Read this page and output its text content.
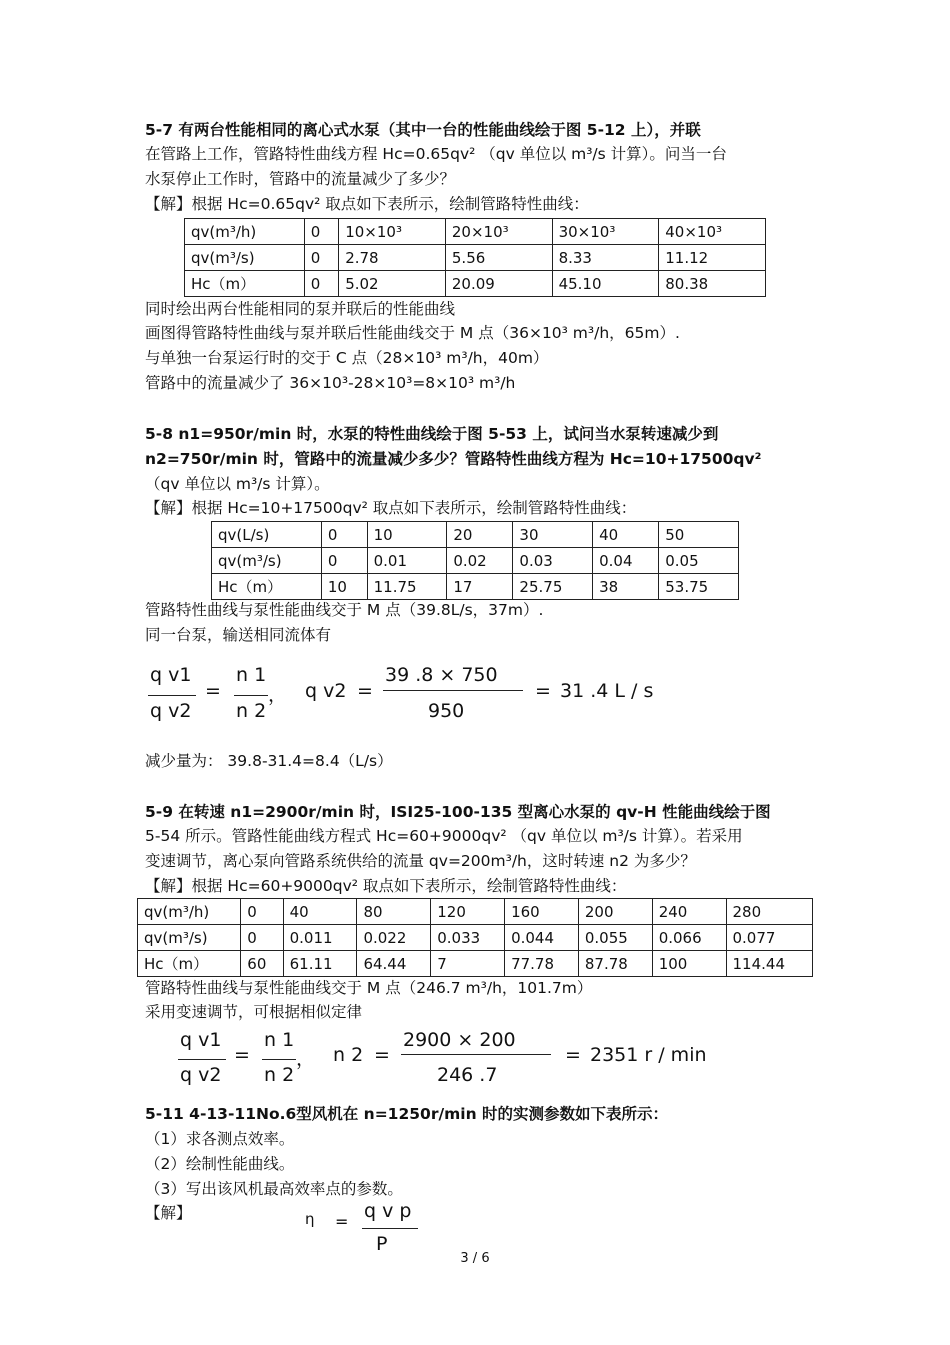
5-7 有两台性能相同的离心式水泵（其中一台的性能曲线绘于图 5-12 上），并联
在管路上工作，管路特性曲线方程 Hc=0.65qv² （qv 单位以 m³/s 计算）。问当一台
水泵停止工作时，管路中的流量减少了多少？
【解】根据 Hc=0.65qv² 取点如下表所示，绘制管路特性曲线：
qv(m³/h)	0	10×10³	20×10³	30×10³	40×10³
qv(m³/s)	0	2.78	5.56	8.33	11.12
Hc（m）	0	5.02	20.09	45.10	80.38
同时绘出两台性能相同的泵并联后的性能曲线
画图得管路特性曲线与泵并联后性能曲线交于 M 点（36×10³ m³/h，65m）.
与单独一台泵运行时的交于 C 点（28×10³ m³/h，40m）
管路中的流量减少了 36×10³-28×10³=8×10³ m³/h
5-8 n1=950r/min 时，水泵的特性曲线绘于图 5-53 上，试问当水泵转速减少到
n2=750r/min 时，管路中的流量减少多少？管路特性曲线方程为 Hc=10+17500qv²
（qv 单位以 m³/s 计算）。
【解】根据 Hc=10+17500qv² 取点如下表所示，绘制管路特性曲线：
qv(L/s)	0	10	20	30	40	50
qv(m³/s)	0	0.01	0.02	0.03	0.04	0.05
Hc（m）	10	11.75	17	25.75	38	53.75
管路特性曲线与泵性能曲线交于 M 点（39.8L/s，37m）.
同一台泵，输送相同流体有
q v1
q v2
=
n 1
n 2
， q v2 =
39 .8 × 750
950
= 31 .4 L / s
减少量为： 39.8-31.4=8.4（L/s）
5-9 在转速 n1=2900r/min 时，ISI25-100-135 型离心水泵的 qv-H 性能曲线绘于图
5-54 所示。管路性能曲线方程式 Hc=60+9000qv² （qv 单位以 m³/s 计算）。若采用
变速调节，离心泵向管路系统供给的流量 qv=200m³/h，这时转速 n2 为多少？
【解】根据 Hc=60+9000qv² 取点如下表所示，绘制管路特性曲线：
qv(m³/h)	0	40	80	120	160	200	240	280
qv(m³/s)	0	0.011	0.022	0.033	0.044	0.055	0.066	0.077
Hc（m）	60	61.11	64.44	7	77.78	87.78	100	114.44
管路特性曲线与泵性能曲线交于 M 点（246.7 m³/h，101.7m）
采用变速调节，可根据相似定律
q v1
q v2
=
n 1
n 2
， n 2 =
2900 × 200
246 .7
= 2351 r / min
5-11 4-13-11No.6型风机在 n=1250r/min 时的实测参数如下表所示：
（1）求各测点效率。
（2）绘制性能曲线。
（3）写出该风机最高效率点的参数。
【解】	η = q v p
P
3 / 6
